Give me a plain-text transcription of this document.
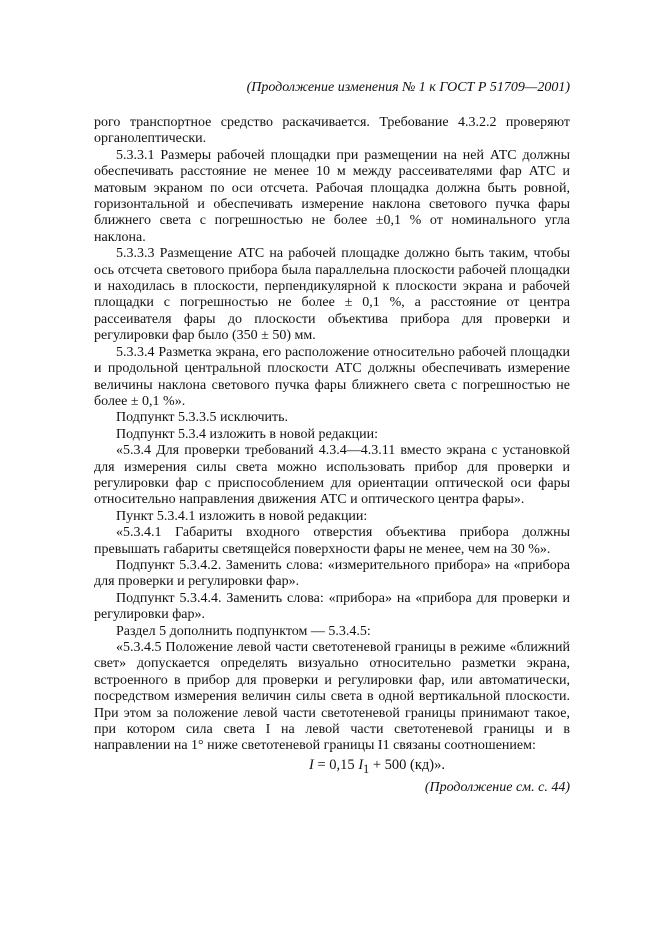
(Продолжение изменения № 1 к ГОСТ Р 51709—2001)

рого транспортное средство раскачивается. Требование 4.3.2.2 проверяют органолептически.

5.3.3.1 Размеры рабочей площадки при размещении на ней АТС должны обеспечивать расстояние не менее 10 м между рассеивателями фар АТС и матовым экраном по оси отсчета. Рабочая площадка должна быть ровной, горизонтальной и обеспечивать измерение наклона светового пучка фары ближнего света с погрешностью не более ±0,1 % от номинального угла наклона.

5.3.3.3 Размещение АТС на рабочей площадке должно быть таким, чтобы ось отсчета светового прибора была параллельна плоскости рабочей площадки и находилась в плоскости, перпендикулярной к плоскости экрана и рабочей площадки с погрешностью не более ± 0,1 %, а расстояние от центра рассеивателя фары до плоскости объектива прибора для проверки и регулировки фар было (350 ± 50) мм.

5.3.3.4 Разметка экрана, его расположение относительно рабочей площадки и продольной центральной плоскости АТС должны обеспечивать измерение величины наклона светового пучка фары ближнего света с погрешностью не более ± 0,1 %».

Подпункт 5.3.3.5 исключить.

Подпункт 5.3.4 изложить в новой редакции:

«5.3.4 Для проверки требований 4.3.4—4.3.11 вместо экрана с установкой для измерения силы света можно использовать прибор для проверки и регулировки фар с приспособлением для ориентации оптической оси фары относительно направления движения АТС и оптического центра фары».

Пункт 5.3.4.1 изложить в новой редакции:

«5.3.4.1 Габариты входного отверстия объектива прибора должны превышать габариты светящейся поверхности фары не менее, чем на 30 %».

Подпункт 5.3.4.2. Заменить слова: «измерительного прибора» на «прибора для проверки и регулировки фар».

Подпункт 5.3.4.4. Заменить слова: «прибора» на «прибора для проверки и регулировки фар».

Раздел 5 дополнить подпунктом — 5.3.4.5:

«5.3.4.5 Положение левой части светотеневой границы в режиме «ближний свет» допускается определять визуально относительно разметки экрана, встроенного в прибор для проверки и регулировки фар, или автоматически, посредством измерения величин силы света в одной вертикальной плоскости. При этом за положение левой части светотеневой границы принимают такое, при котором сила света I на левой части светотеневой границы и в направлении на 1° ниже светотеневой границы I1 связаны соотношением:

I = 0,15 $I_1 + 500$ (кд)».
(Продолжение см. с. 44)
